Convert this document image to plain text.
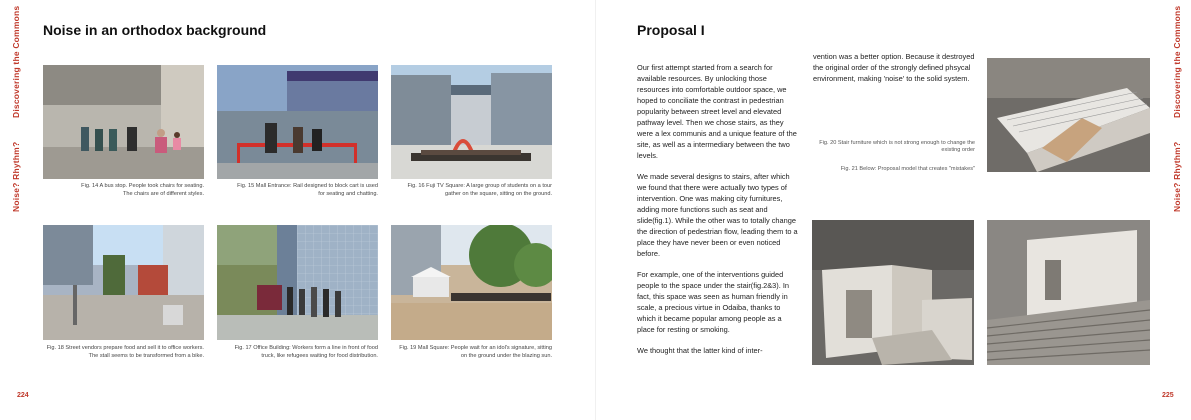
Noise in an orthodox background
Discovering the Commons
Noise? Rhythm?
224
Fig. 14 A bus stop. People took chairs for seating. The chairs are of different styles.
Fig. 15 Mall Entrance: Rail designed to block cart is used for seating and chatting.
Fig. 16 Fuji TV Square: A large group of students on a tour gather on the square, sitting on the ground.
Fig. 18 Street vendors prepare food and sell it to office workers. The stall seems to be transformed from a bike.
Fig. 17 Office Building: Workers form a line in front of food truck, like refugees waiting for food distribution.
Fig. 19 Mall Square: People wait for an idol's signature, sitting on the ground under the blazing sun.
Proposal I	Discovering the Commons
Noise? Rhythm?
225

Our first attempt started from a search for available resources. By unlocking those resources into comfortable outdoor space, we hoped to conciliate the contrast in pedestrian popularity between street level and elevated pathway level. Then we chose stairs, as they were a lex communis and a unique feature of the site, as well as a intermediary between the two levels.

We made several designs to stairs, after which we found that there were actually two types of intervention. One was making city furnitures, adding more functions such as seat and slide(fig.1). While the other was to totally change the direction of pedestrian flow, leading them to a place they have never been or even noticed before.

For example, one of the interventions guided people to the space under the stair(fig.2&3). In fact, this space was seen as human friendly in scale, a precious virtue in Odaiba, thanks to which it became popular among people as a place for resting or smoking.

We thought that the latter kind of inter-

vention was a better option. Because it destroyed the original order of the strongly defined phsycal environment, making 'noise' to the solid system.

Fig. 20 Stair furniture which is not strong enough to change the existing order
Fig. 21 Below: Proposal model that creates "mistakes"
